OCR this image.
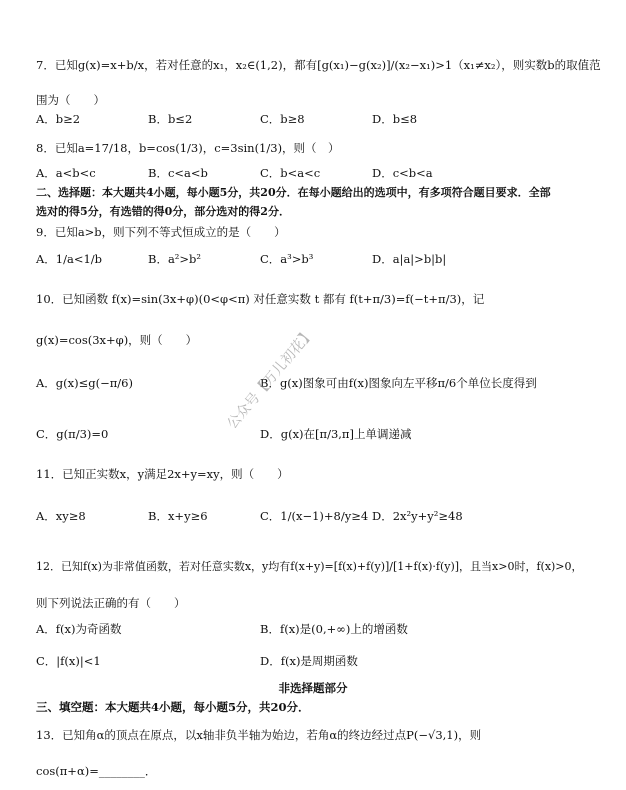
7．已知g(x)=x+b/x，若对任意的x₁，x₂∈(1,2)，都有[g(x₁)−g(x₂)]/(x₂−x₁)>1（x₁≠x₂），则实数b的取值范
围为（　　）
A．b≥2	B．b≤2	C．b≥8	D．b≤8
8．已知a=17/18，b=cos(1/3)，c=3sin(1/3)，则（　）
A．a<b<c	B．c<a<b	C．b<a<c	D．c<b<a
二、选择题：本大题共4小题，每小题5分，共20分．在每小题给出的选项中，有多项符合题目要求．全部
选对的得5分，有选错的得0分，部分选对的得2分．
9．已知a>b，则下列不等式恒成立的是（　　）
A．1/a<1/b	B．a²>b²	C．a³>b³	D．a|a|>b|b|
10．已知函数 f(x)=sin(3x+φ)(0<φ<π) 对任意实数 t 都有 f(t+π/3)=f(−t+π/3)，记
g(x)=cos(3x+φ)，则（　　）
A．g(x)≤g(−π/6)	B．g(x)图象可由f(x)图象向左平移π/6个单位长度得到
C．g(π/3)=0	D．g(x)在[π/3,π]上单调递减
11．已知正实数x，y满足2x+y=xy，则（　　）
A．xy≥8	B．x+y≥6	C．1/(x−1)+8/y≥4 D．2x²y+y²≥48
12．已知f(x)为非常值函数，若对任意实数x，y均有f(x+y)=[f(x)+f(y)]/[1+f(x)·f(y)]，且当x>0时，f(x)>0，
则下列说法正确的有（　　）
A．f(x)为奇函数	B．f(x)是(0,+∞)上的增函数
C．|f(x)|<1	D．f(x)是周期函数
非选择题部分
三、填空题：本大题共4小题，每小题5分，共20分．
13．已知角α的顶点在原点，以x轴非负半轴为始边，若角α的终边经过点P(−√3,1)，则
cos(π+α)=________．
公众号【万儿初花】
